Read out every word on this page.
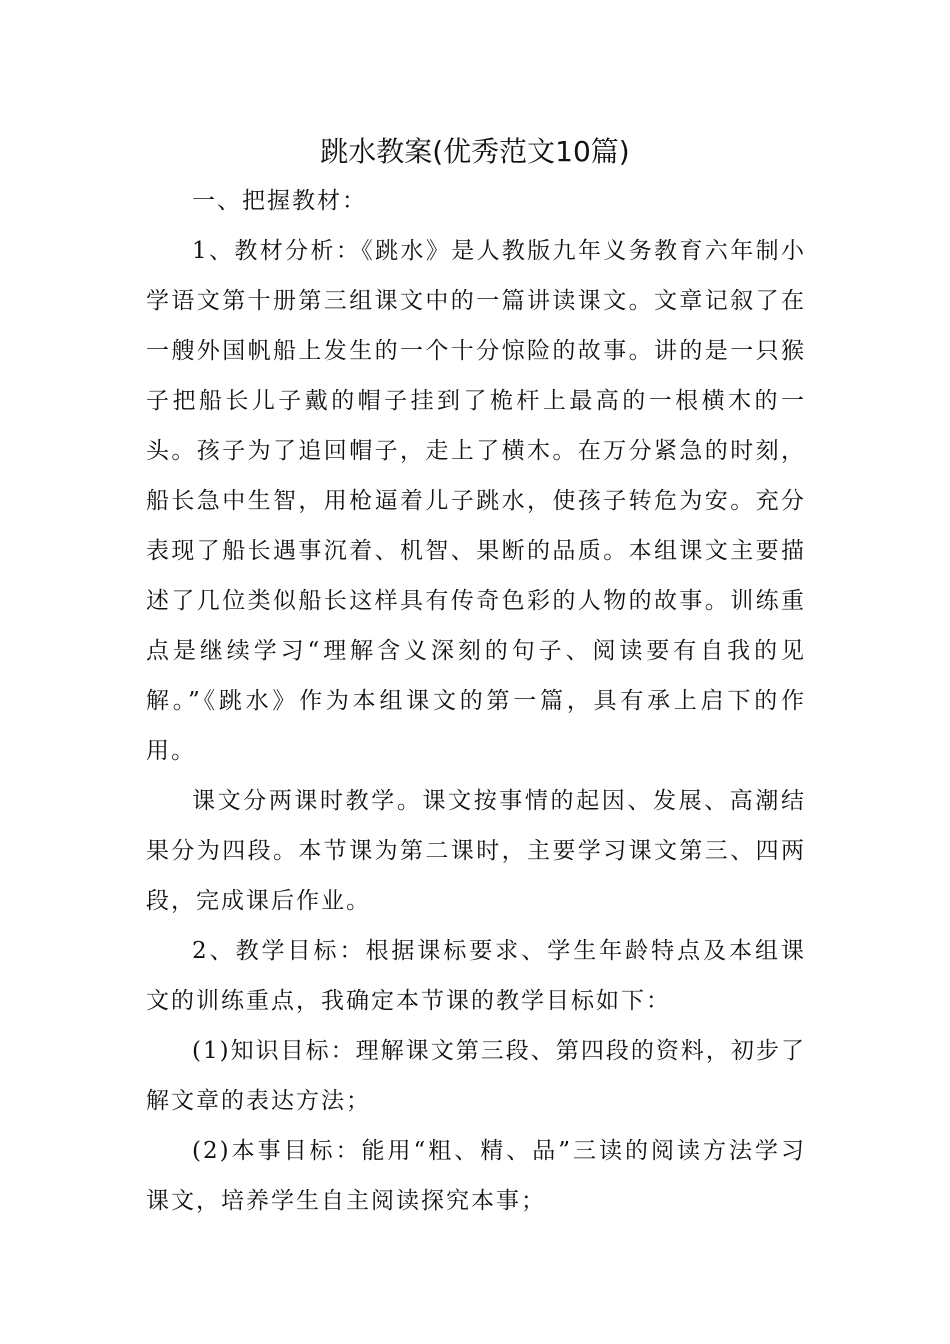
跳水教案(优秀范文10篇)

一、把握教材：

1、教材分析：《跳水》是人教版九年义务教育六年制小学语文第十册第三组课文中的一篇讲读课文。文章记叙了在一艘外国帆船上发生的一个十分惊险的故事。讲的是一只猴子把船长儿子戴的帽子挂到了桅杆上最高的一根横木的一头。孩子为了追回帽子，走上了横木。在万分紧急的时刻，船长急中生智，用枪逼着儿子跳水，使孩子转危为安。充分表现了船长遇事沉着、机智、果断的品质。本组课文主要描述了几位类似船长这样具有传奇色彩的人物的故事。训练重点是继续学习“理解含义深刻的句子、阅读要有自我的见解。”《跳水》作为本组课文的第一篇，具有承上启下的作用。

课文分两课时教学。课文按事情的起因、发展、高潮结果分为四段。本节课为第二课时，主要学习课文第三、四两段，完成课后作业。

2、教学目标：根据课标要求、学生年龄特点及本组课文的训练重点，我确定本节课的教学目标如下：

(1)知识目标：理解课文第三段、第四段的资料，初步了解文章的表达方法；

(2)本事目标：能用“粗、精、品”三读的阅读方法学习课文，培养学生自主阅读探究本事；
